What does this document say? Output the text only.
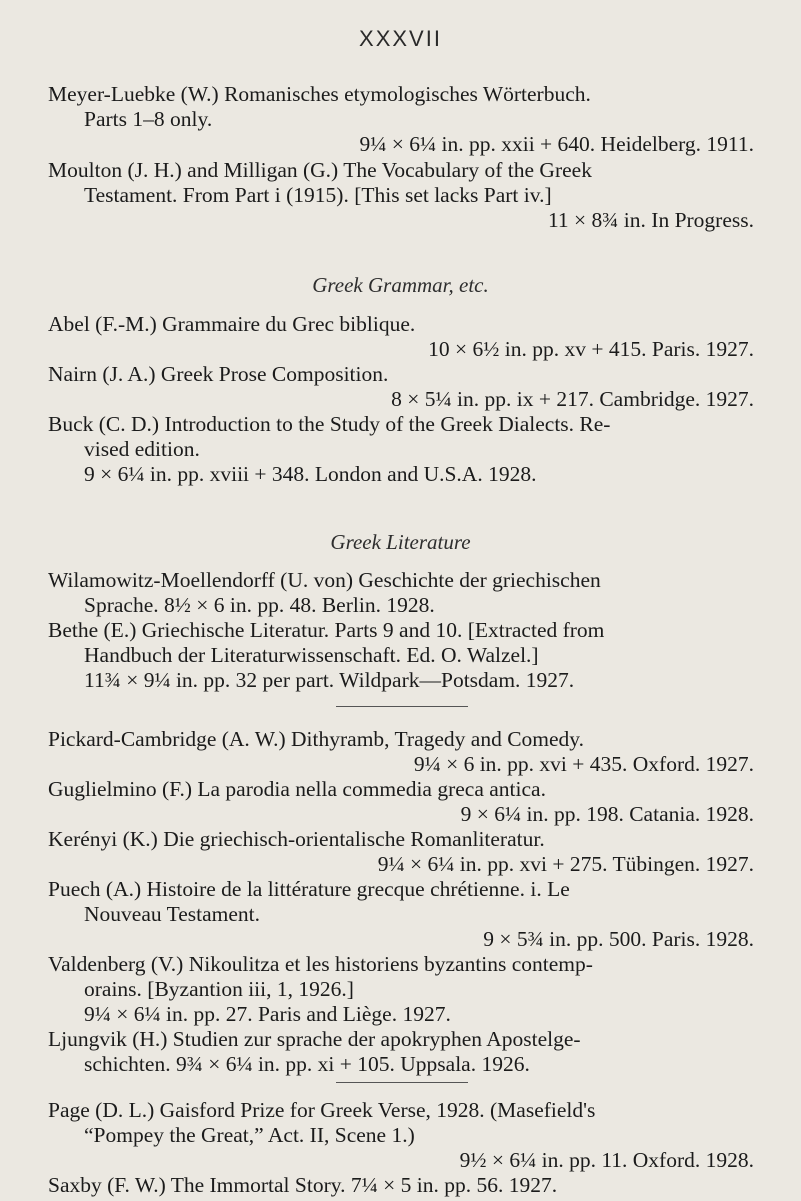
XXXVII
Meyer-Luebke (W.) Romanisches etymologisches Wörterbuch.
Parts 1–8 only.
9¼ × 6¼ in. pp. xxii + 640. Heidelberg. 1911.
Moulton (J. H.) and Milligan (G.) The Vocabulary of the Greek
Testament. From Part i (1915). [This set lacks Part iv.]
11 × 8¾ in. In Progress.
Greek Grammar, etc.
Abel (F.-M.) Grammaire du Grec biblique.
10 × 6½ in. pp. xv + 415. Paris. 1927.
Nairn (J. A.) Greek Prose Composition.
8 × 5¼ in. pp. ix + 217. Cambridge. 1927.
Buck (C. D.) Introduction to the Study of the Greek Dialects. Re-
vised edition.
9 × 6¼ in. pp. xviii + 348. London and U.S.A. 1928.
Greek Literature
Wilamowitz-Moellendorff (U. von) Geschichte der griechischen
Sprache. 8½ × 6 in. pp. 48. Berlin. 1928.
Bethe (E.) Griechische Literatur. Parts 9 and 10. [Extracted from
Handbuch der Literaturwissenschaft. Ed. O. Walzel.]
11¾ × 9¼ in. pp. 32 per part. Wildpark—Potsdam. 1927.
Pickard-Cambridge (A. W.) Dithyramb, Tragedy and Comedy.
9¼ × 6 in. pp. xvi + 435. Oxford. 1927.
Guglielmino (F.) La parodia nella commedia greca antica.
9 × 6¼ in. pp. 198. Catania. 1928.
Kerényi (K.) Die griechisch-orientalische Romanliteratur.
9¼ × 6¼ in. pp. xvi + 275. Tübingen. 1927.
Puech (A.) Histoire de la littérature grecque chrétienne. i. Le
Nouveau Testament.
9 × 5¾ in. pp. 500. Paris. 1928.
Valdenberg (V.) Nikoulitza et les historiens byzantins contemp-
orains. [Byzantion iii, 1, 1926.]
9¼ × 6¼ in. pp. 27. Paris and Liège. 1927.
Ljungvik (H.) Studien zur sprache der apokryphen Apostelge-
schichten. 9¾ × 6¼ in. pp. xi + 105. Uppsala. 1926.
Page (D. L.) Gaisford Prize for Greek Verse, 1928. (Masefield's
“Pompey the Great,” Act. II, Scene 1.)
9½ × 6¼ in. pp. 11. Oxford. 1928.
Saxby (F. W.) The Immortal Story. 7¼ × 5 in. pp. 56. 1927.
